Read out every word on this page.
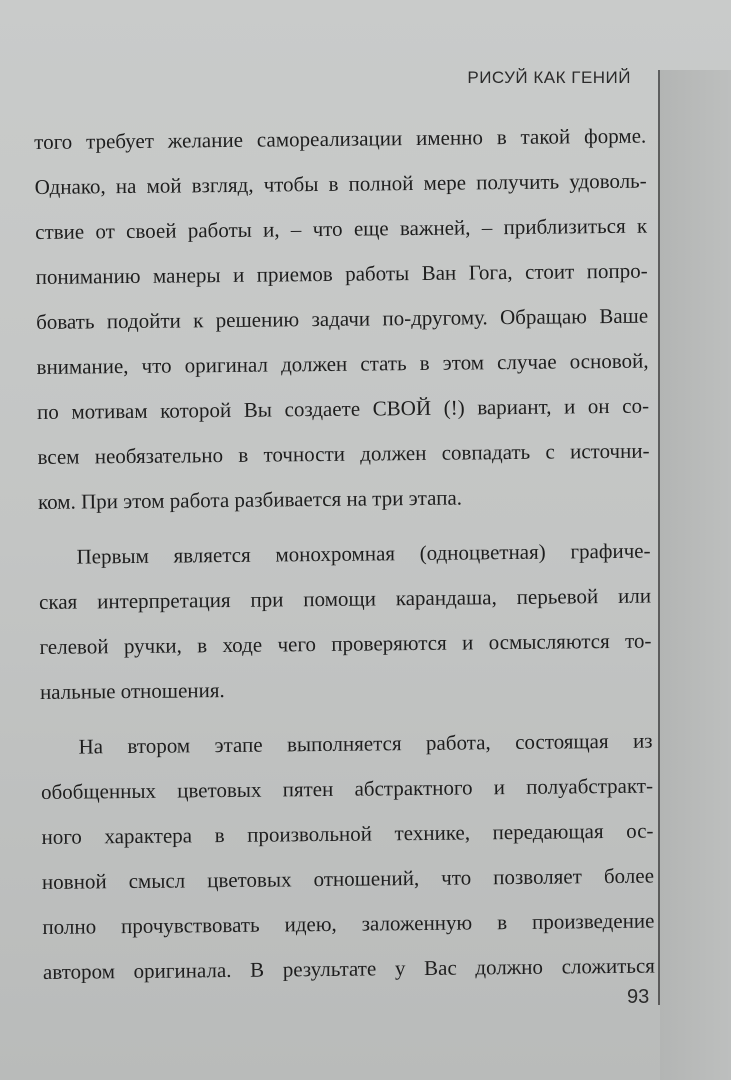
РИСУЙ КАК ГЕНИЙ
того требует желание самореализации именно в такой форме.
Однако, на мой взгляд, чтобы в полной мере получить удоволь-
ствие от своей работы и, – что еще важней, – приблизиться к
пониманию манеры и приемов работы Ван Гога, стоит попро-
бовать подойти к решению задачи по-другому. Обращаю Ваше
внимание, что оригинал должен стать в этом случае основой,
по мотивам которой Вы создаете СВОЙ (!) вариант, и он со-
всем необязательно в точности должен совпадать с источни-
ком. При этом работа разбивается на три этапа.
Первым является монохромная (одноцветная) графиче-
ская интерпретация при помощи карандаша, перьевой или
гелевой ручки, в ходе чего проверяются и осмысляются то-
нальные отношения.
На втором этапе выполняется работа, состоящая из
обобщенных цветовых пятен абстрактного и полуабстракт-
ного характера в произвольной технике, передающая ос-
новной смысл цветовых отношений, что позволяет более
полно прочувствовать идею, заложенную в произведение
автором оригинала. В результате у Вас должно сложиться
93
